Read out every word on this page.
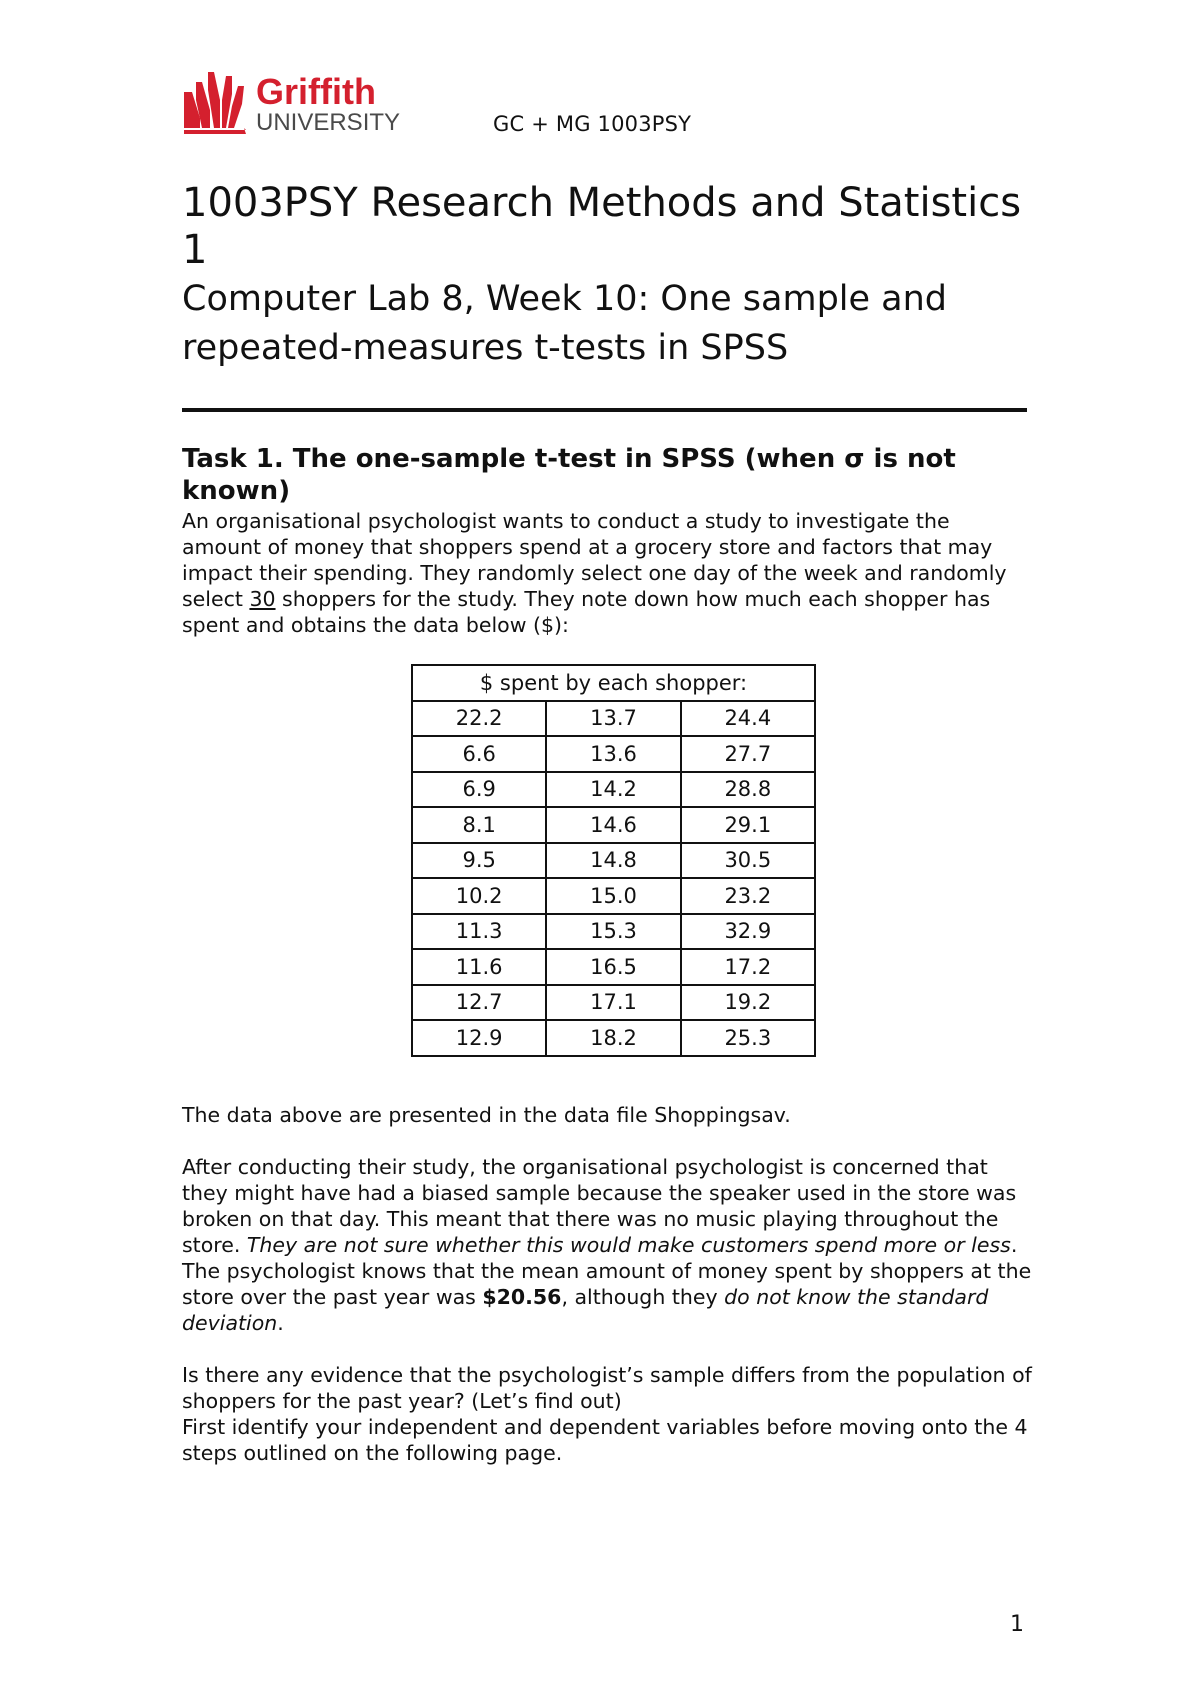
Griffith
UNIVERSITY	GC + MG 1003PSY
1003PSY Research Methods and Statistics 1
Computer Lab 8, Week 10: One sample and repeated-measures t-tests in SPSS
Task 1. The one-sample t-test in SPSS (when σ is not known)

An organisational psychologist wants to conduct a study to investigate the amount of money that shoppers spend at a grocery store and factors that may impact their spending. They randomly select one day of the week and randomly select 30 shoppers for the study. They note down how much each shopper has spent and obtains the data below ($):

$ spent by each shopper:		
22.2	13.7	24.4
6.6	13.6	27.7
6.9	14.2	28.8
8.1	14.6	29.1
9.5	14.8	30.5
10.2	15.0	23.2
11.3	15.3	32.9
11.6	16.5	17.2
12.7	17.1	19.2
12.9	18.2	25.3

The data above are presented in the data file Shoppingsav.

After conducting their study, the organisational psychologist is concerned that they might have had a biased sample because the speaker used in the store was broken on that day. This meant that there was no music playing throughout the store. They are not sure whether this would make customers spend more or less. The psychologist knows that the mean amount of money spent by shoppers at the store over the past year was $20.56, although they do not know the standard deviation.

Is there any evidence that the psychologist’s sample differs from the population of shoppers for the past year? (Let’s find out)

First identify your independent and dependent variables before moving onto the 4 steps outlined on the following page.

1
